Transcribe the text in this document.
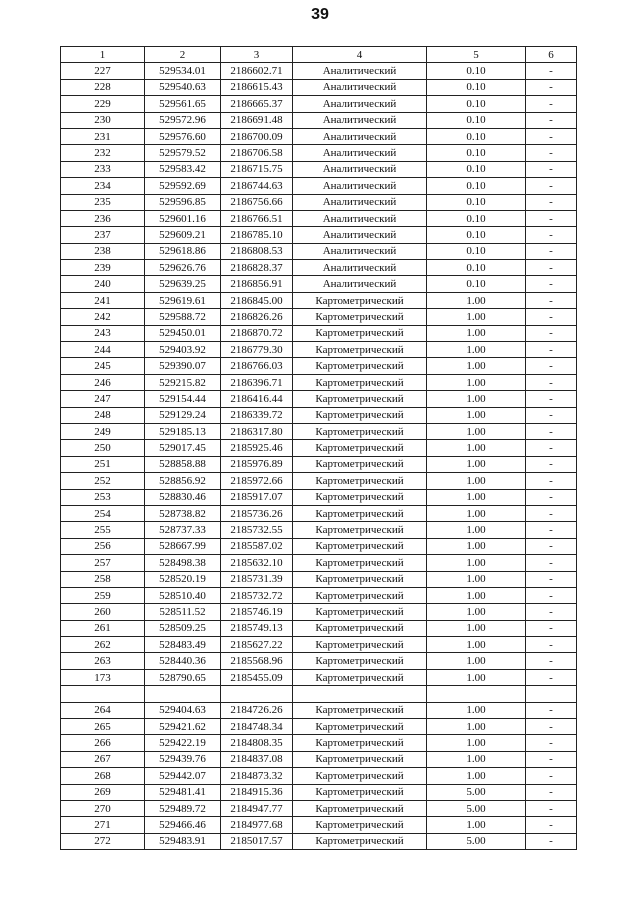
39
1	2	3	4	5	6
227	529534.01	2186602.71	Аналитический	0.10	-
228	529540.63	2186615.43	Аналитический	0.10	-
229	529561.65	2186665.37	Аналитический	0.10	-
230	529572.96	2186691.48	Аналитический	0.10	-
231	529576.60	2186700.09	Аналитический	0.10	-
232	529579.52	2186706.58	Аналитический	0.10	-
233	529583.42	2186715.75	Аналитический	0.10	-
234	529592.69	2186744.63	Аналитический	0.10	-
235	529596.85	2186756.66	Аналитический	0.10	-
236	529601.16	2186766.51	Аналитический	0.10	-
237	529609.21	2186785.10	Аналитический	0.10	-
238	529618.86	2186808.53	Аналитический	0.10	-
239	529626.76	2186828.37	Аналитический	0.10	-
240	529639.25	2186856.91	Аналитический	0.10	-
241	529619.61	2186845.00	Картометрический	1.00	-
242	529588.72	2186826.26	Картометрический	1.00	-
243	529450.01	2186870.72	Картометрический	1.00	-
244	529403.92	2186779.30	Картометрический	1.00	-
245	529390.07	2186766.03	Картометрический	1.00	-
246	529215.82	2186396.71	Картометрический	1.00	-
247	529154.44	2186416.44	Картометрический	1.00	-
248	529129.24	2186339.72	Картометрический	1.00	-
249	529185.13	2186317.80	Картометрический	1.00	-
250	529017.45	2185925.46	Картометрический	1.00	-
251	528858.88	2185976.89	Картометрический	1.00	-
252	528856.92	2185972.66	Картометрический	1.00	-
253	528830.46	2185917.07	Картометрический	1.00	-
254	528738.82	2185736.26	Картометрический	1.00	-
255	528737.33	2185732.55	Картометрический	1.00	-
256	528667.99	2185587.02	Картометрический	1.00	-
257	528498.38	2185632.10	Картометрический	1.00	-
258	528520.19	2185731.39	Картометрический	1.00	-
259	528510.40	2185732.72	Картометрический	1.00	-
260	528511.52	2185746.19	Картометрический	1.00	-
261	528509.25	2185749.13	Картометрический	1.00	-
262	528483.49	2185627.22	Картометрический	1.00	-
263	528440.36	2185568.96	Картометрический	1.00	-
173	528790.65	2185455.09	Картометрический	1.00	-

264	529404.63	2184726.26	Картометрический	1.00	-
265	529421.62	2184748.34	Картометрический	1.00	-
266	529422.19	2184808.35	Картометрический	1.00	-
267	529439.76	2184837.08	Картометрический	1.00	-
268	529442.07	2184873.32	Картометрический	1.00	-
269	529481.41	2184915.36	Картометрический	5.00	-
270	529489.72	2184947.77	Картометрический	5.00	-
271	529466.46	2184977.68	Картометрический	1.00	-
272	529483.91	2185017.57	Картометрический	5.00	-
